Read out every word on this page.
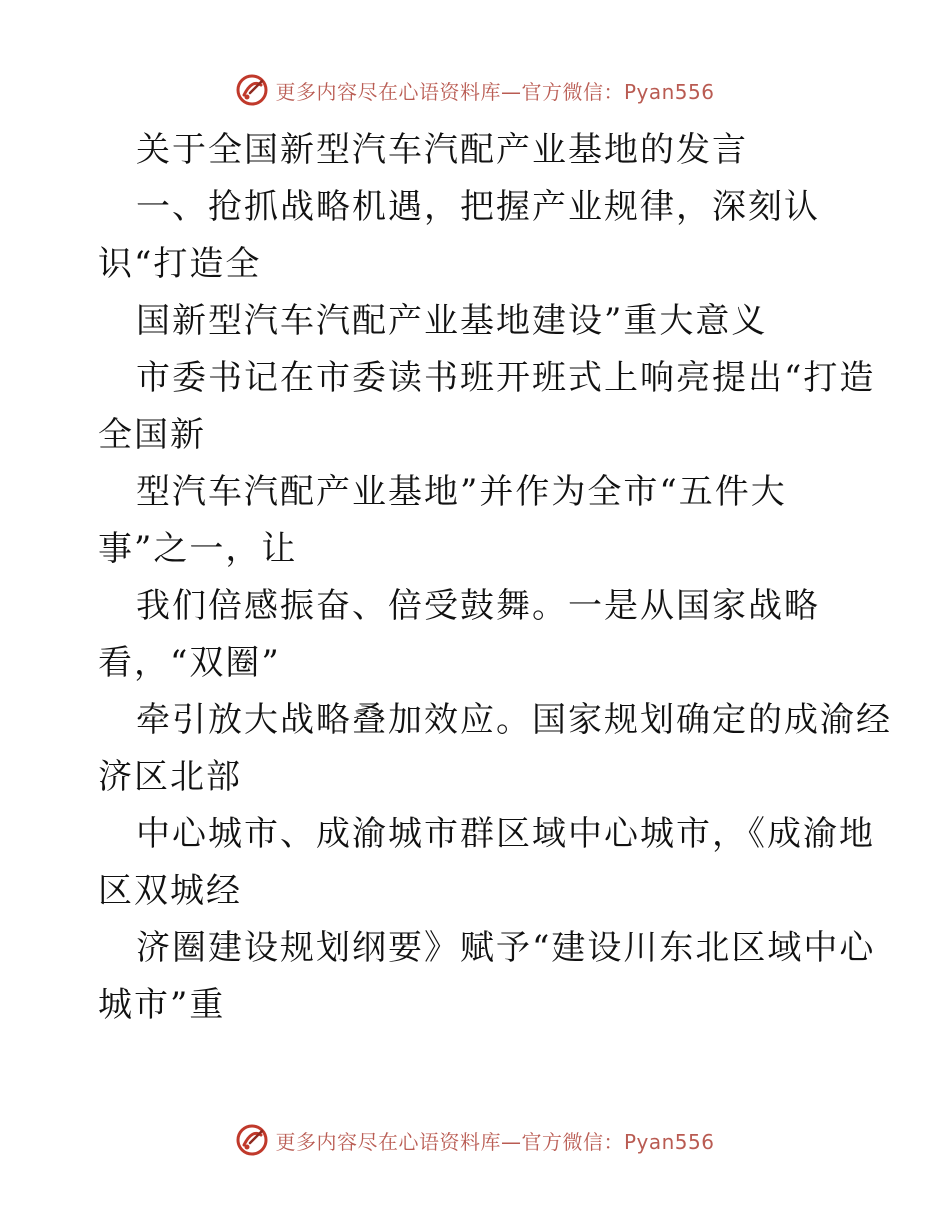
更多内容尽在心语资料库—官方微信：Pyan556
关于全国新型汽车汽配产业基地的发言
一、抢抓战略机遇，把握产业规律，深刻认
识“打造全
国新型汽车汽配产业基地建设”重大意义
市委书记在市委读书班开班式上响亮提出“打造
全国新
型汽车汽配产业基地”并作为全市“五件大
事”之一，让
我们倍感振奋、倍受鼓舞。一是从国家战略
看，“双圈”
牵引放大战略叠加效应。国家规划确定的成渝经
济区北部
中心城市、成渝城市群区域中心城市，《成渝地
区双城经
济圈建设规划纲要》赋予“建设川东北区域中心
城市”重
更多内容尽在心语资料库—官方微信：Pyan556
